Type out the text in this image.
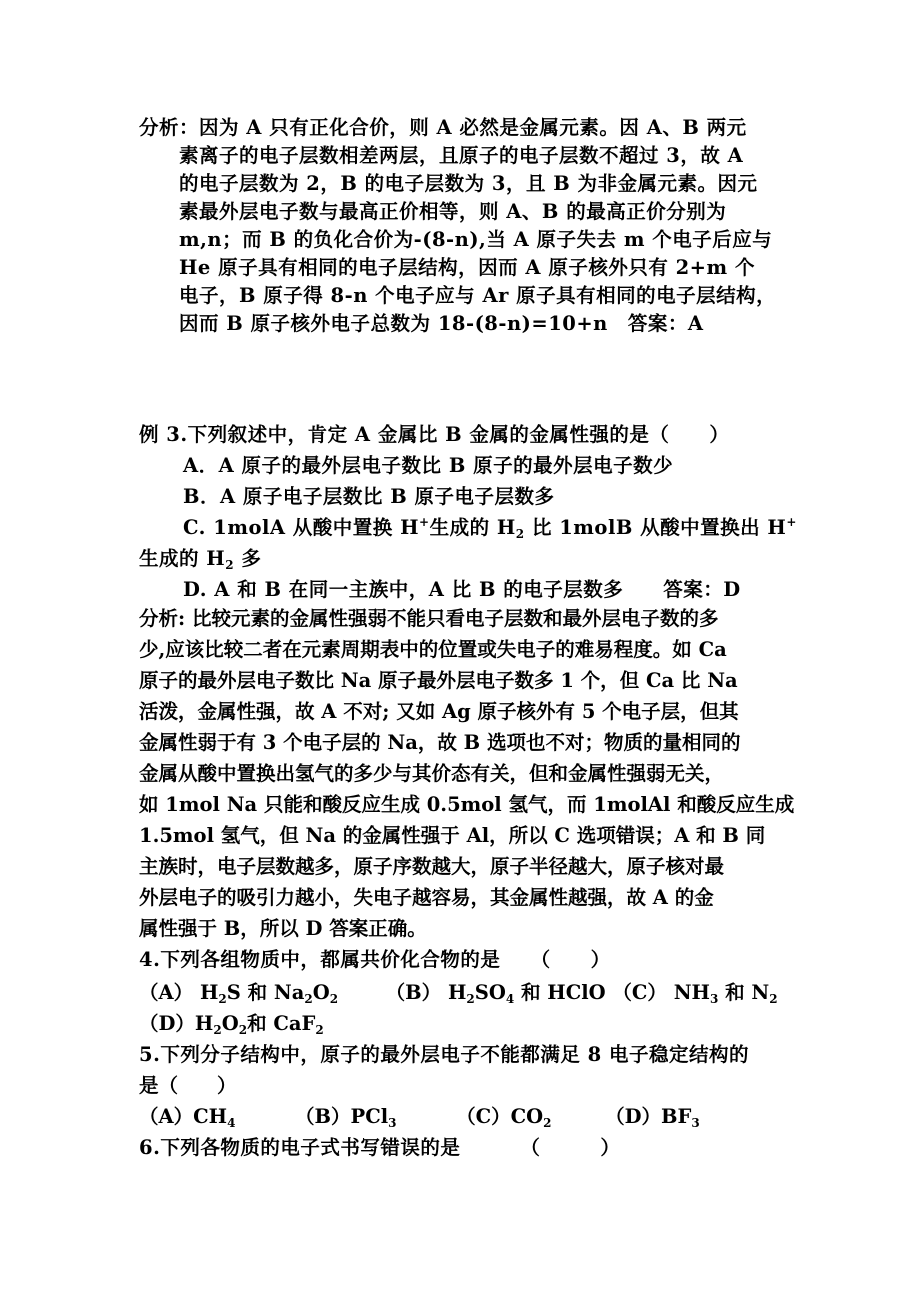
分析：因为 A 只有正化合价，则 A 必然是金属元素。因 A、B 两元
素离子的电子层数相差两层，且原子的电子层数不超过 3，故 A
的电子层数为 2，B 的电子层数为 3，且 B 为非金属元素。因元
素最外层电子数与最高正价相等，则 A、B 的最高正价分别为
m,n；而 B 的负化合价为-(8-n),当 A 原子失去 m 个电子后应与
He 原子具有相同的电子层结构，因而 A 原子核外只有 2+m 个
电子，B 原子得 8-n 个电子应与 Ar 原子具有相同的电子层结构，
因而 B 原子核外电子总数为 18-(8-n)=10+n　答案：A
例 3.下列叙述中，肯定 A 金属比 B 金属的金属性强的是（　　）
A．A 原子的最外层电子数比 B 原子的最外层电子数少
B．A 原子电子层数比 B 原子电子层数多
C. 1molA 从酸中置换 H+生成的 $H_2$ 比 1molB 从酸中置换出 H+
生成的 $H_2$ 多
D. A 和 B 在同一主族中，A 比 B 的电子层数多 答案：D
分析: 比较元素的金属性强弱不能只看电子层数和最外层电子数的多
少,应该比较二者在元素周期表中的位置或失电子的难易程度。如 Ca
原子的最外层电子数比 Na 原子最外层电子数多 1 个，但 Ca 比 Na
活泼，金属性强，故 A 不对; 又如 Ag 原子核外有 5 个电子层，但其
金属性弱于有 3 个电子层的 Na，故 B 选项也不对；物质的量相同的
金属从酸中置换出氢气的多少与其价态有关，但和金属性强弱无关，
如 1mol Na 只能和酸反应生成 0.5mol 氢气，而 1molAl 和酸反应生成
1.5mol 氢气，但 Na 的金属性强于 Al，所以 C 选项错误；A 和 B 同
主族时，电子层数越多，原子序数越大，原子半径越大，原子核对最
外层电子的吸引力越小，失电子越容易，其金属性越强，故 A 的金
属性强于 B，所以 D 答案正确。
4.下列各组物质中，都属共价化合物的是　　（　　）
（A） $H_2S$ 和 $Na_2O_2$ （B） $H_2SO_4$ 和 HClO （C） $NH_3$ 和 $N_2$
$(D)H_2O_2$和 CaF$_2$
5.下列分子结构中，原子的最外层电子不能都满足 8 电子稳定结构的
是（　　）
$(A)CH_4$	（B）PCl$_3$	$(C)CO_2$	$(D)BF_3$
6.下列各物质的电子式书写错误的是	（　　　）
